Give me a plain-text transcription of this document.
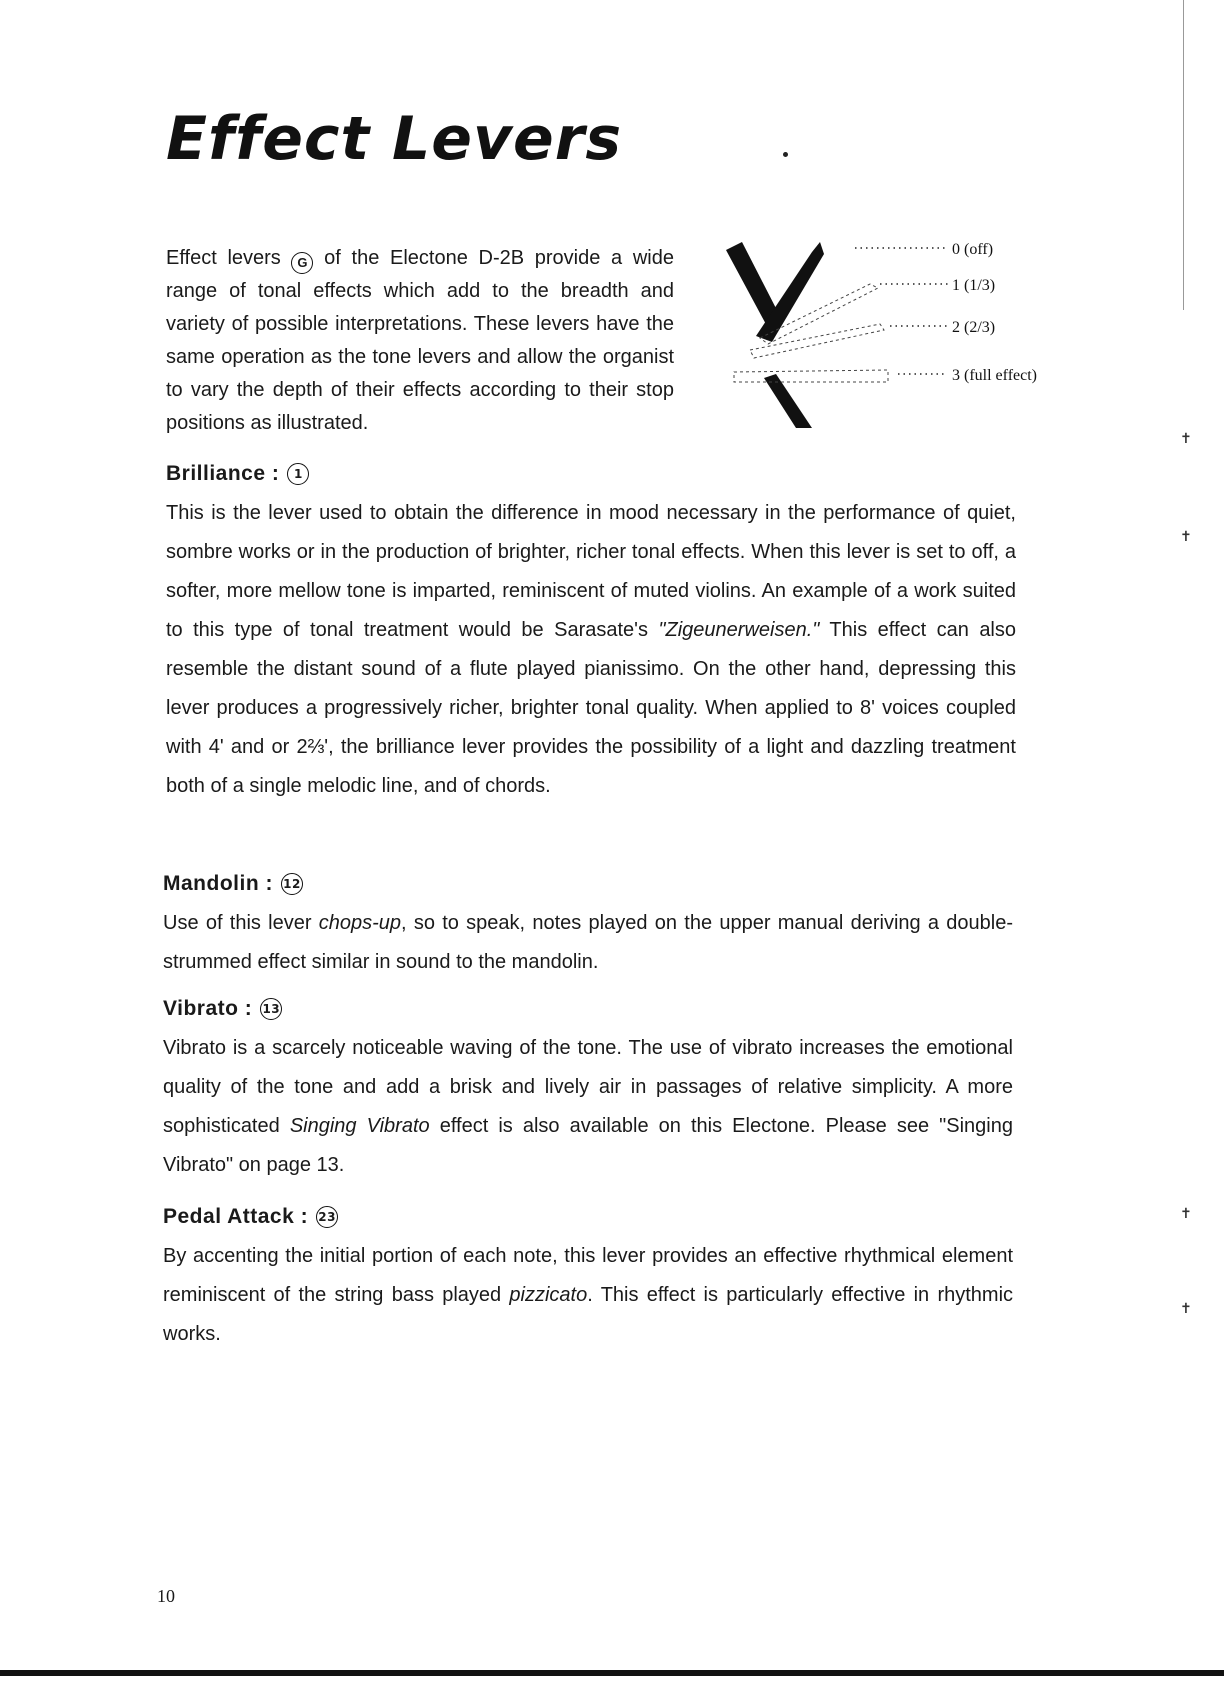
✝
✝
✝
✝
Effect Levers

Effect levers G of the Electone D-2B provide a wide range of tonal effects which add to the breadth and variety of possible interpretations. These levers have the same operation as the tone levers and allow the organist to vary the depth of their effects according to their stop positions as illustrated.

0 (off)
1 (1/3)
2 (2/3)
3 (full effect)
Brilliance :	1

This is the lever used to obtain the difference in mood necessary in the performance of quiet, sombre works or in the production of brighter, richer tonal effects. When this lever is set to off, a softer, more mellow tone is imparted, reminiscent of muted violins. An example of a work suited to this type of tonal treatment would be Sarasate's "Zigeunerweisen." This effect can also resemble the distant sound of a flute played pianissimo. On the other hand, depressing this lever produces a progressively richer, brighter tonal quality. When applied to 8' voices coupled with 4' and or 2⅔', the brilliance lever provides the possibility of a light and dazzling treatment both of a single melodic line, and of chords.

Mandolin : 12

Use of this lever chops-up, so to speak, notes played on the upper manual deriving a double-strummed effect similar in sound to the mandolin.

Vibrato : 13

Vibrato is a scarcely noticeable waving of the tone. The use of vibrato increases the emotional quality of the tone and add a brisk and lively air in passages of relative simplicity. A more sophisticated Singing Vibrato effect is also available on this Electone. Please see "Singing Vibrato" on page 13.

Pedal Attack : 23

By accenting the initial portion of each note, this lever provides an effective rhythmical element reminiscent of the string bass played pizzicato. This effect is particularly effective in rhythmic works.

10
